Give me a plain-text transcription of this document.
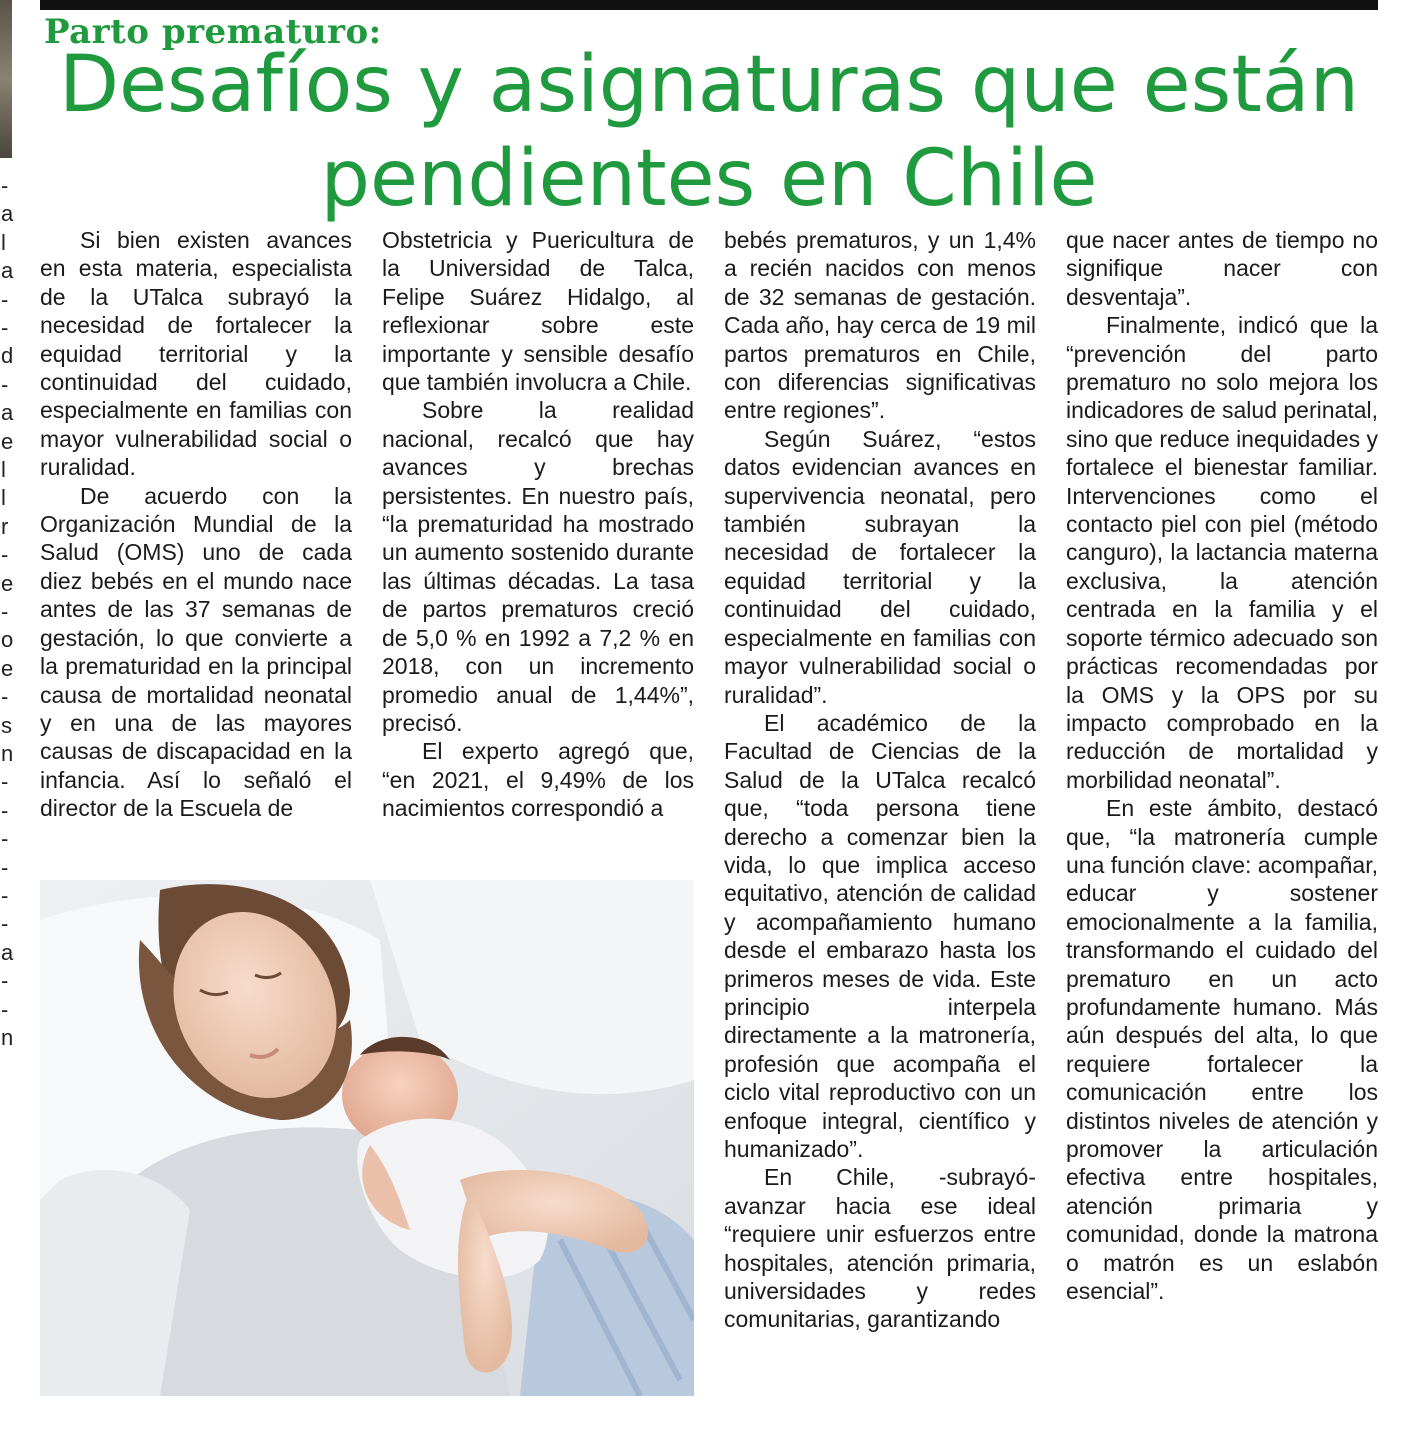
-
a
l
a
-
-
d
-
a
e
l
l
r
-
e
-
o
e
-
s
n
-
-
-
-
-
-
a
-
-
n
Parto prematuro:
Desafíos y asignaturas que están
pendientes en Chile

Si bien existen avances en esta materia, especialista de la UTalca subrayó la necesidad de fortalecer la equidad territorial y la continuidad del cuidado, especialmente en familias con mayor vulnerabilidad social o ruralidad.

De acuerdo con la Organización Mundial de la Salud (OMS) uno de cada diez bebés en el mundo nace antes de las 37 semanas de gestación, lo que convierte a la prematuridad en la principal causa de mortalidad neonatal y en una de las mayores causas de discapacidad en la infancia. Así lo señaló el director de la Escuela de

Obstetricia y Puericultura de la Universidad de Talca, Felipe Suárez Hidalgo, al reflexionar sobre este importante y sensible desafío que también involucra a Chile.

Sobre la realidad nacional, recalcó que hay avances y brechas persistentes. En nuestro país, “la prematuridad ha mostrado un aumento sostenido durante las últimas décadas. La tasa de partos prematuros creció de 5,0 % en 1992 a 7,2 % en 2018, con un incremento promedio anual de 1,44%”, precisó.

El experto agregó que, “en 2021, el 9,49% de los nacimientos correspondió a

bebés prematuros, y un 1,4% a recién nacidos con menos de 32 semanas de gestación. Cada año, hay cerca de 19 mil partos prematuros en Chile, con diferencias significativas entre regiones”.

Según Suárez, “estos datos evidencian avances en supervivencia neonatal, pero también subrayan la necesidad de fortalecer la equidad territorial y la continuidad del cuidado, especialmente en familias con mayor vulnerabilidad social o ruralidad”.

El académico de la Facultad de Ciencias de la Salud de la UTalca recalcó que, “toda persona tiene derecho a comenzar bien la vida, lo que implica acceso equitativo, atención de calidad y acompañamiento humano desde el embarazo hasta los primeros meses de vida. Este principio interpela directamente a la matronería, profesión que acompaña el ciclo vital reproductivo con un enfoque integral, científico y humanizado”.

En Chile, -subrayó- avanzar hacia ese ideal “requiere unir esfuerzos entre hospitales, atención primaria, universidades y redes comunitarias, garantizando

que nacer antes de tiempo no signifique nacer con desventaja”.

Finalmente, indicó que la “prevención del parto prematuro no solo mejora los indicadores de salud perinatal, sino que reduce inequidades y fortalece el bienestar familiar. Intervenciones como el contacto piel con piel (método canguro), la lactancia materna exclusiva, la atención centrada en la familia y el soporte térmico adecuado son prácticas recomendadas por la OMS y la OPS por su impacto comprobado en la reducción de mortalidad y morbilidad neonatal”.

En este ámbito, destacó que, “la matronería cumple una función clave: acompañar, educar y sostener emocionalmente a la familia, transformando el cuidado del prematuro en un acto profundamente humano. Más aún después del alta, lo que requiere fortalecer la comunicación entre los distintos niveles de atención y promover la articulación efectiva entre hospitales, atención primaria y comunidad, donde la matrona o matrón es un eslabón esencial”.
